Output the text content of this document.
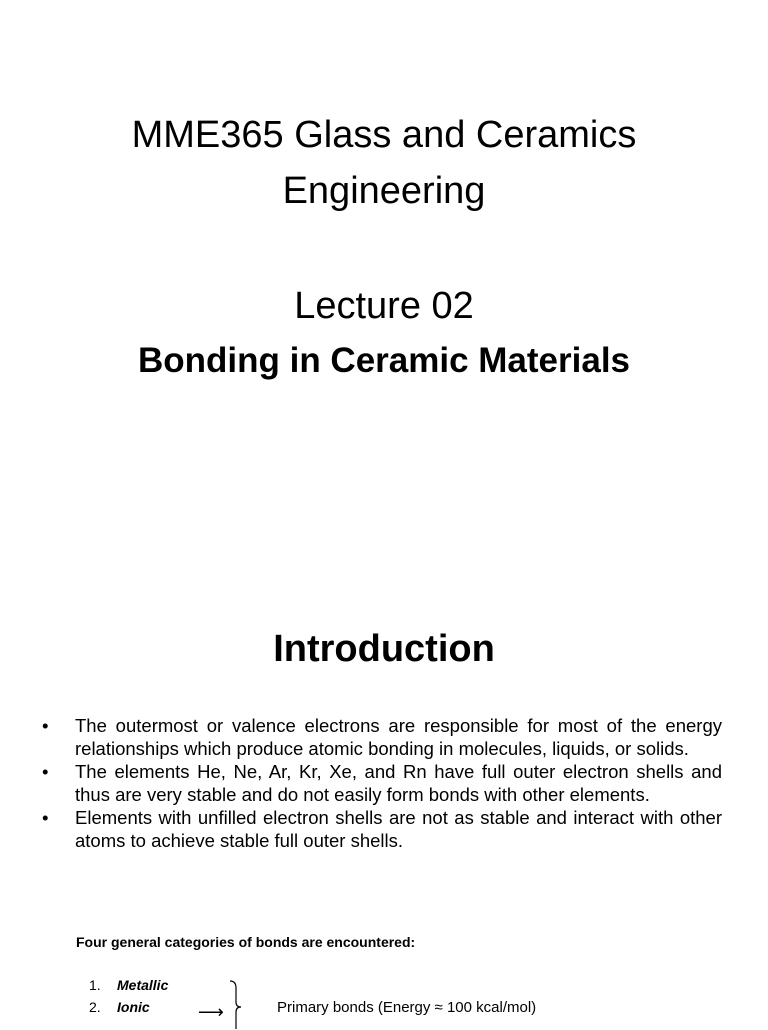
MME365 Glass and Ceramics
Engineering
Lecture 02
Bonding in Ceramic Materials
Introduction
• The outermost or valence electrons are responsible for most of the energy relationships which produce atomic bonding in molecules, liquids, or solids.
• The elements He, Ne, Ar, Kr, Xe, and Rn have full outer electron shells and thus are very stable and do not easily form bonds with other elements.
• Elements with unfilled electron shells are not as stable and interact with other atoms to achieve stable full outer shells.
Four general categories of bonds are encountered:
1. Metallic
2. Ionic	⟶	Primary bonds (Energy ≈ 100 kcal/mol)
